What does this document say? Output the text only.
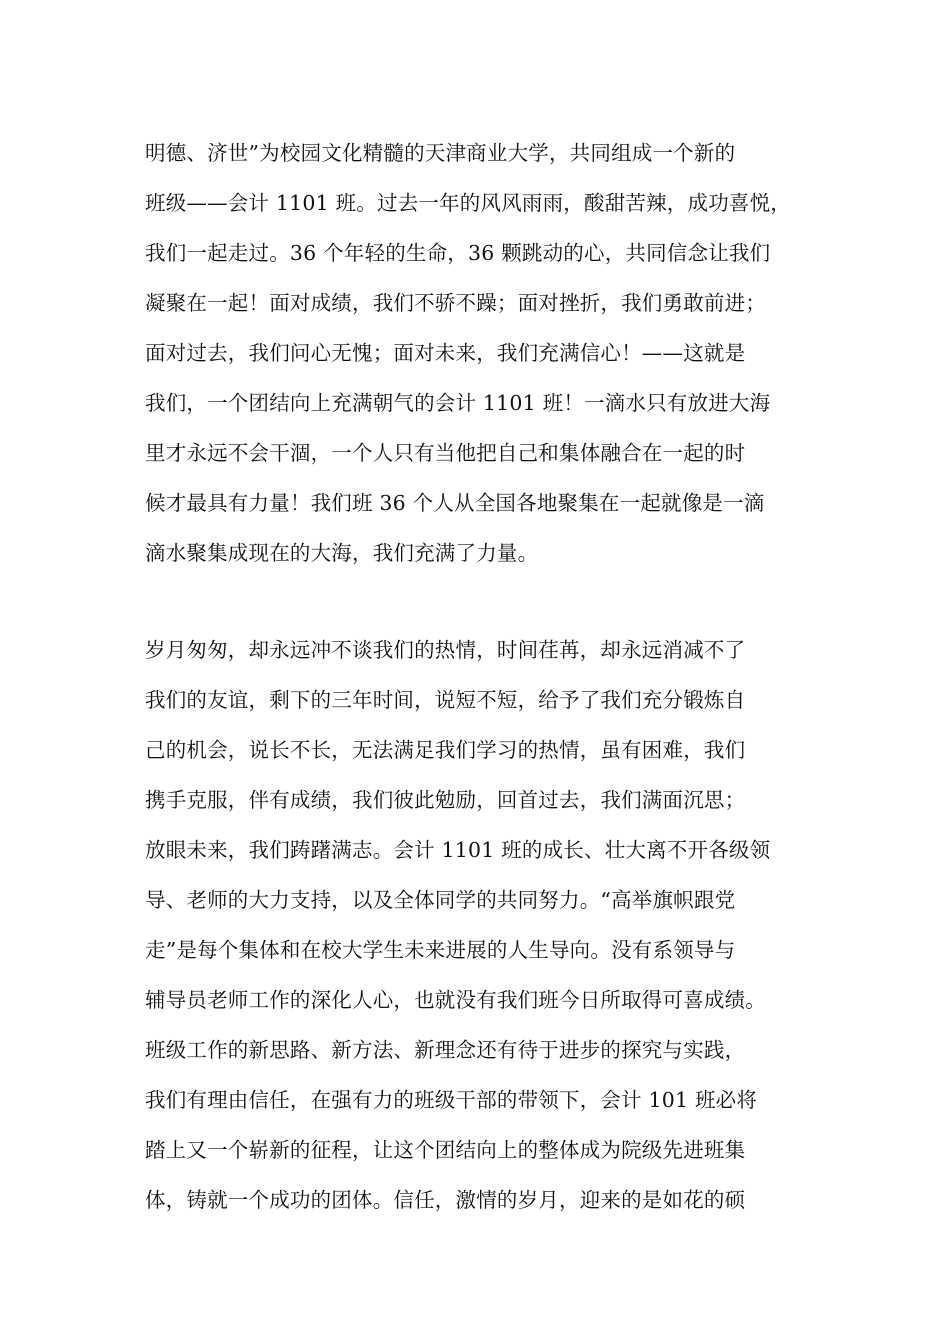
明德、济世”为校园文化精髓的天津商业大学，共同组成一个新的
班级——会计 1101 班。过去一年的风风雨雨，酸甜苦辣，成功喜悦，
我们一起走过。36 个年轻的生命，36 颗跳动的心，共同信念让我们
凝聚在一起！面对成绩，我们不骄不躁；面对挫折，我们勇敢前进；
面对过去，我们问心无愧；面对未来，我们充满信心！——这就是
我们，一个团结向上充满朝气的会计 1101 班！一滴水只有放进大海
里才永远不会干涸，一个人只有当他把自己和集体融合在一起的时
候才最具有力量！我们班 36 个人从全国各地聚集在一起就像是一滴
滴水聚集成现在的大海，我们充满了力量。
岁月匆匆，却永远冲不谈我们的热情，时间荏苒，却永远消减不了
我们的友谊，剩下的三年时间，说短不短，给予了我们充分锻炼自
己的机会，说长不长，无法满足我们学习的热情，虽有困难，我们
携手克服，伴有成绩，我们彼此勉励，回首过去，我们满面沉思；
放眼未来，我们踌躇满志。会计 1101 班的成长、壮大离不开各级领
导、老师的大力支持，以及全体同学的共同努力。“高举旗帜跟党
走”是每个集体和在校大学生未来进展的人生导向。没有系领导与
辅导员老师工作的深化人心，也就没有我们班今日所取得可喜成绩。
班级工作的新思路、新方法、新理念还有待于进步的探究与实践，
我们有理由信任，在强有力的班级干部的带领下，会计 101 班必将
踏上又一个崭新的征程，让这个团结向上的整体成为院级先进班集
体，铸就一个成功的团体。信任，激情的岁月，迎来的是如花的硕
